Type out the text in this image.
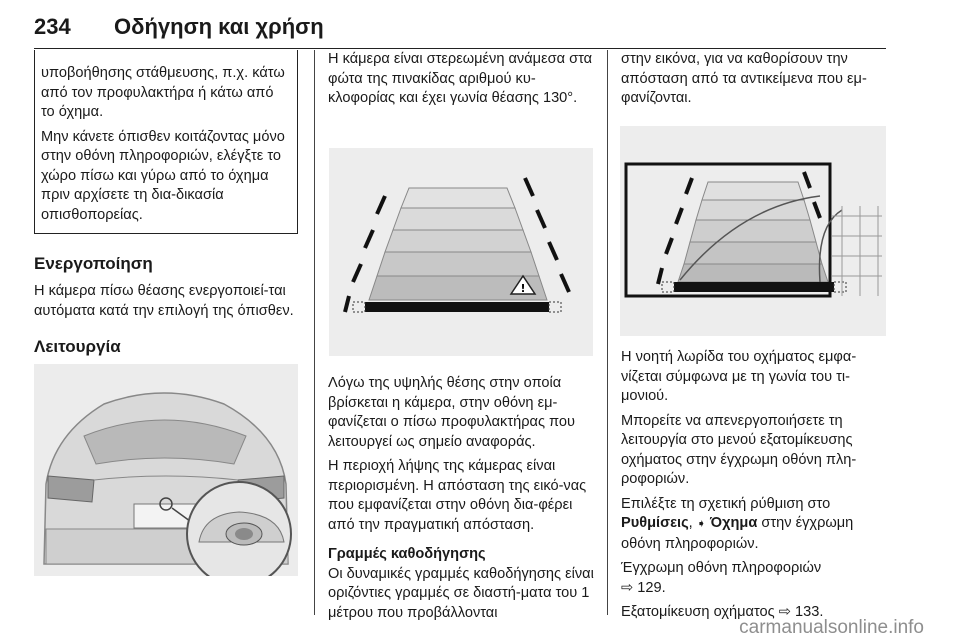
234 Οδήγηση και χρήση

υποβοήθησης στάθμευσης, π.χ. κάτω από τον προφυλακτήρα ή κάτω από το όχημα.

Μην κάνετε όπισθεν κοιτάζοντας μόνο στην οθόνη πληροφοριών, ελέγξτε το χώρο πίσω και γύρω από το όχημα πριν αρχίσετε τη δια-δικασία οπισθοπορείας.

Ενεργοποίηση

Η κάμερα πίσω θέασης ενεργοποιεί-ται αυτόματα κατά την επιλογή της όπισθεν.

Λειτουργία

Η κάμερα είναι στερεωμένη ανάμεσα στα φώτα της πινακίδας αριθμού κυ-κλοφορίας και έχει γωνία θέασης 130°.

!

Λόγω της υψηλής θέσης στην οποία βρίσκεται η κάμερα, στην οθόνη εμ-φανίζεται ο πίσω προφυλακτήρας που λειτουργεί ως σημείο αναφοράς.

Η περιοχή λήψης της κάμερας είναι περιορισμένη. Η απόσταση της εικό-νας που εμφανίζεται στην οθόνη δια-φέρει από την πραγματική απόσταση.

Γραμμές καθοδήγησης

Οι δυναμικές γραμμές καθοδήγησης είναι οριζόντιες γραμμές σε διαστή-ματα του 1 μέτρου που προβάλλονται

στην εικόνα, για να καθορίσουν την απόσταση από τα αντικείμενα που εμ-φανίζονται.

Η νοητή λωρίδα του οχήματος εμφα-νίζεται σύμφωνα με τη γωνία του τι-μονιού.

Μπορείτε να απενεργοποιήσετε τη λειτουργία στο μενού εξατομίκευσης οχήματος στην έγχρωμη οθόνη πλη-ροφοριών.

Επιλέξτε τη σχετική ρύθμιση στο Ρυθμίσεις, ➧ Όχημα στην έγχρωμη οθόνη πληροφοριών.

Έγχρωμη οθόνη πληροφοριών
⇨ 129.

Εξατομίκευση οχήματος ⇨ 133.

carmanualsonline.info
